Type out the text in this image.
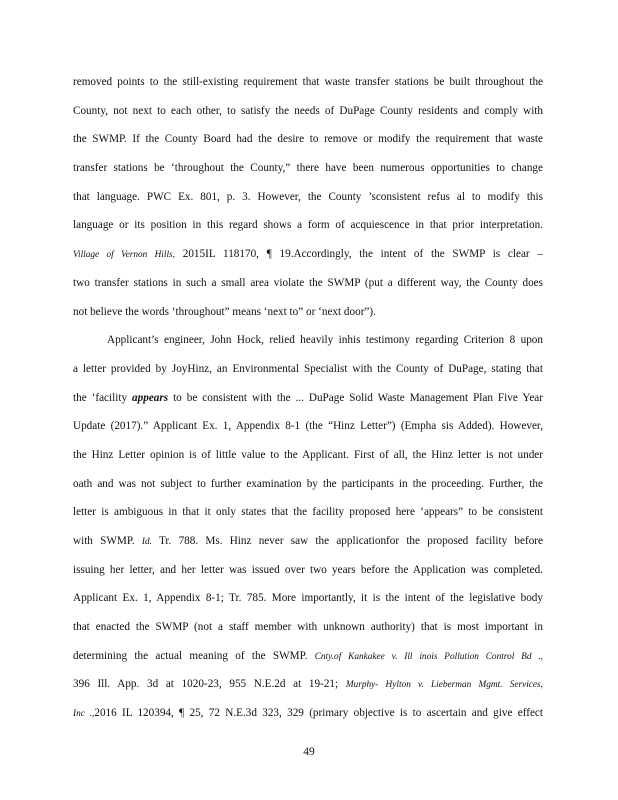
removed points to the still-existing requirement that waste transfer stations be built throughout the
County, not next to each other, to satisfy the needs of DuPage County residents and comply with
the SWMP. If the County Board had the desire to remove or modify the requirement that waste
transfer stations be ‘throughout the County,” there have been numerous opportunities to change
that language. PWC Ex. 801, p. 3. However, the County ’sconsistent refus al to modify this
language or its position in this regard shows a form of acquiescence in that prior interpretation.
Village of Vernon Hills, 2015IL 118170, ¶ 19.Accordingly, the intent of the SWMP is clear –
two transfer stations in such a small area violate the SWMP (put a different way, the County does
not believe the words ‘throughout” means ‘next to” or ‘next door”).
Applicant’s engineer, John Hock, relied heavily inhis testimony regarding Criterion 8 upon
a letter provided by JoyHinz, an Environmental Specialist with the County of DuPage, stating that
the ‘facility appears to be consistent with the ... DuPage Solid Waste Management Plan Five Year
Update (2017).” Applicant Ex. 1, Appendix 8-1 (the “Hinz Letter”) (Empha sis Added). However,
the Hinz Letter opinion is of little value to the Applicant. First of all, the Hinz letter is not under
oath and was not subject to further examination by the participants in the proceeding. Further, the
letter is ambiguous in that it only states that the facility proposed here ‘appears” to be consistent
with SWMP. Id. Tr. 788. Ms. Hinz never saw the applicationfor the proposed facility before
issuing her letter, and her letter was issued over two years before the Application was completed.
Applicant Ex. 1, Appendix 8-1; Tr. 785. More importantly, it is the intent of the legislative body
that enacted the SWMP (not a staff member with unknown authority) that is most important in
determining the actual meaning of the SWMP. Cnty.of Kankakee v. Ill inois Pollution Control Bd .,
396 Ill. App. 3d at 1020-23, 955 N.E.2d at 19-21; Murphy- Hylton v. Lieberman Mgmt. Services,
Inc .,2016 IL 120394, ¶ 25, 72 N.E.3d 323, 329 (primary objective is to ascertain and give effect
49
